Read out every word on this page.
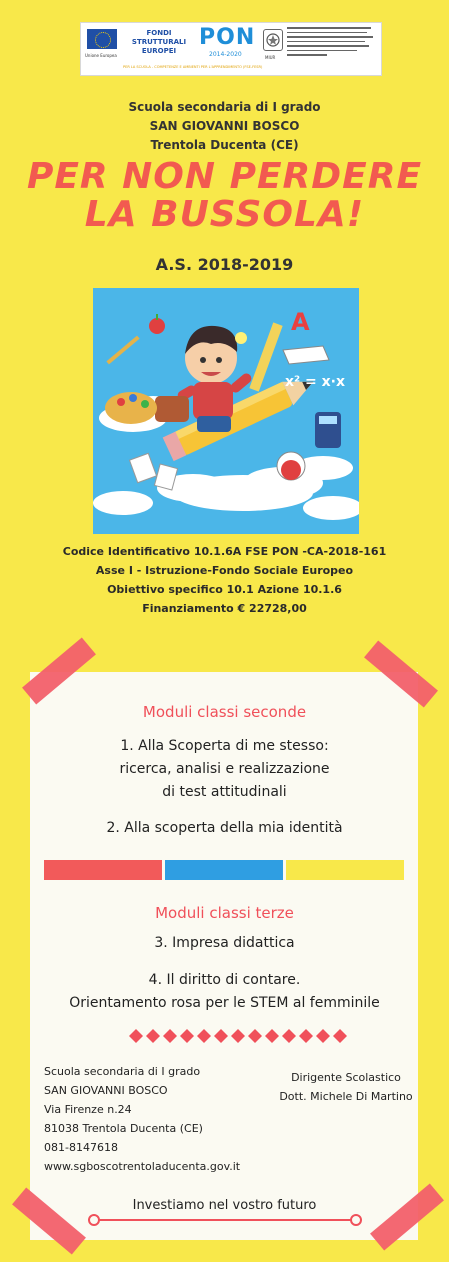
Unione Europea
FONDI
STRUTTURALI
EUROPEI
PON
2014-2020
PER LA SCUOLA - COMPETENZE E AMBIENTI PER L'APPRENDIMENTO (FSE-FESR)
MIUR
Scuola secondaria di I grado
SAN GIOVANNI BOSCO
Trentola Ducenta (CE)
PER NON PERDERE
LA BUSSOLA!
A.S. 2018-2019
A
x² = x·x
Codice Identificativo 10.1.6A FSE PON -CA-2018-161
Asse I - Istruzione-Fondo Sociale Europeo
Obiettivo specifico 10.1 Azione 10.1.6
Finanziamento € 22728,00
Moduli classi seconde
1. Alla Scoperta di me stesso:
ricerca, analisi e realizzazione
di test attitudinali
2. Alla scoperta della mia identità
Moduli classi terze
3. Impresa didattica
4. Il diritto di contare.
Orientamento rosa per le STEM al femminile
Scuola secondaria di I grado
SAN GIOVANNI BOSCO
Via Firenze n.24
81038 Trentola Ducenta (CE)
081-8147618
www.sgboscotrentoladucenta.gov.it
Dirigente Scolastico
Dott. Michele Di Martino
Investiamo nel vostro futuro
